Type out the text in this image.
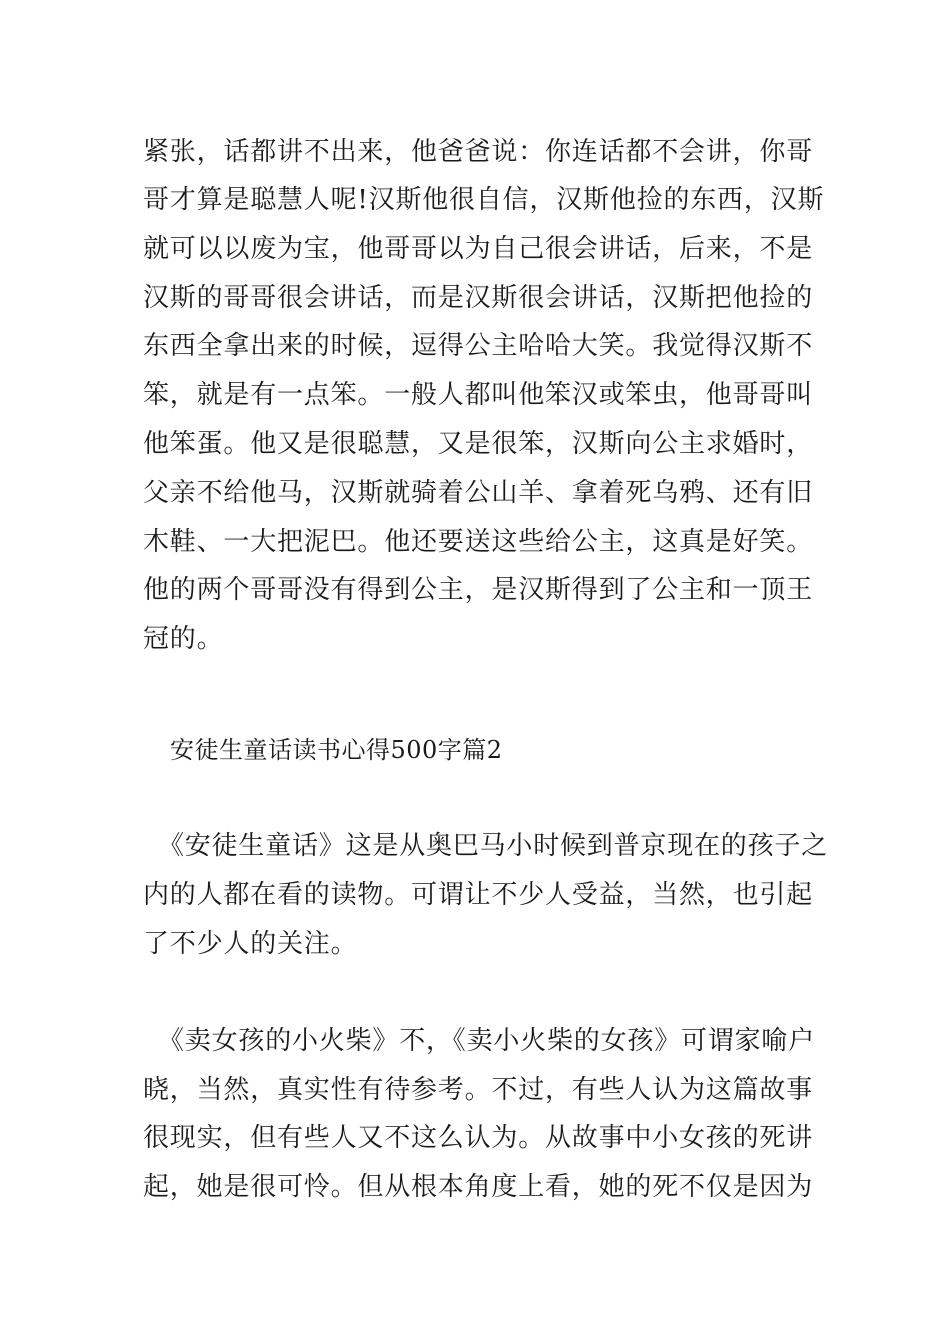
紧张，话都讲不出来，他爸爸说：你连话都不会讲，你哥
哥才算是聪慧人呢!汉斯他很自信，汉斯他捡的东西，汉斯
就可以以废为宝，他哥哥以为自己很会讲话，后来，不是
汉斯的哥哥很会讲话，而是汉斯很会讲话，汉斯把他捡的
东西全拿出来的时候，逗得公主哈哈大笑。我觉得汉斯不
笨，就是有一点笨。一般人都叫他笨汉或笨虫，他哥哥叫
他笨蛋。他又是很聪慧，又是很笨，汉斯向公主求婚时，
父亲不给他马，汉斯就骑着公山羊、拿着死乌鸦、还有旧
木鞋、一大把泥巴。他还要送这些给公主，这真是好笑。
他的两个哥哥没有得到公主，是汉斯得到了公主和一顶王
冠的。
安徒生童话读书心得500字篇2
《安徒生童话》这是从奥巴马小时候到普京现在的孩子之
内的人都在看的读物。可谓让不少人受益，当然，也引起
了不少人的关注。
《卖女孩的小火柴》不，《卖小火柴的女孩》可谓家喻户
晓，当然，真实性有待参考。不过，有些人认为这篇故事
很现实，但有些人又不这么认为。从故事中小女孩的死讲
起，她是很可怜。但从根本角度上看，她的死不仅是因为
